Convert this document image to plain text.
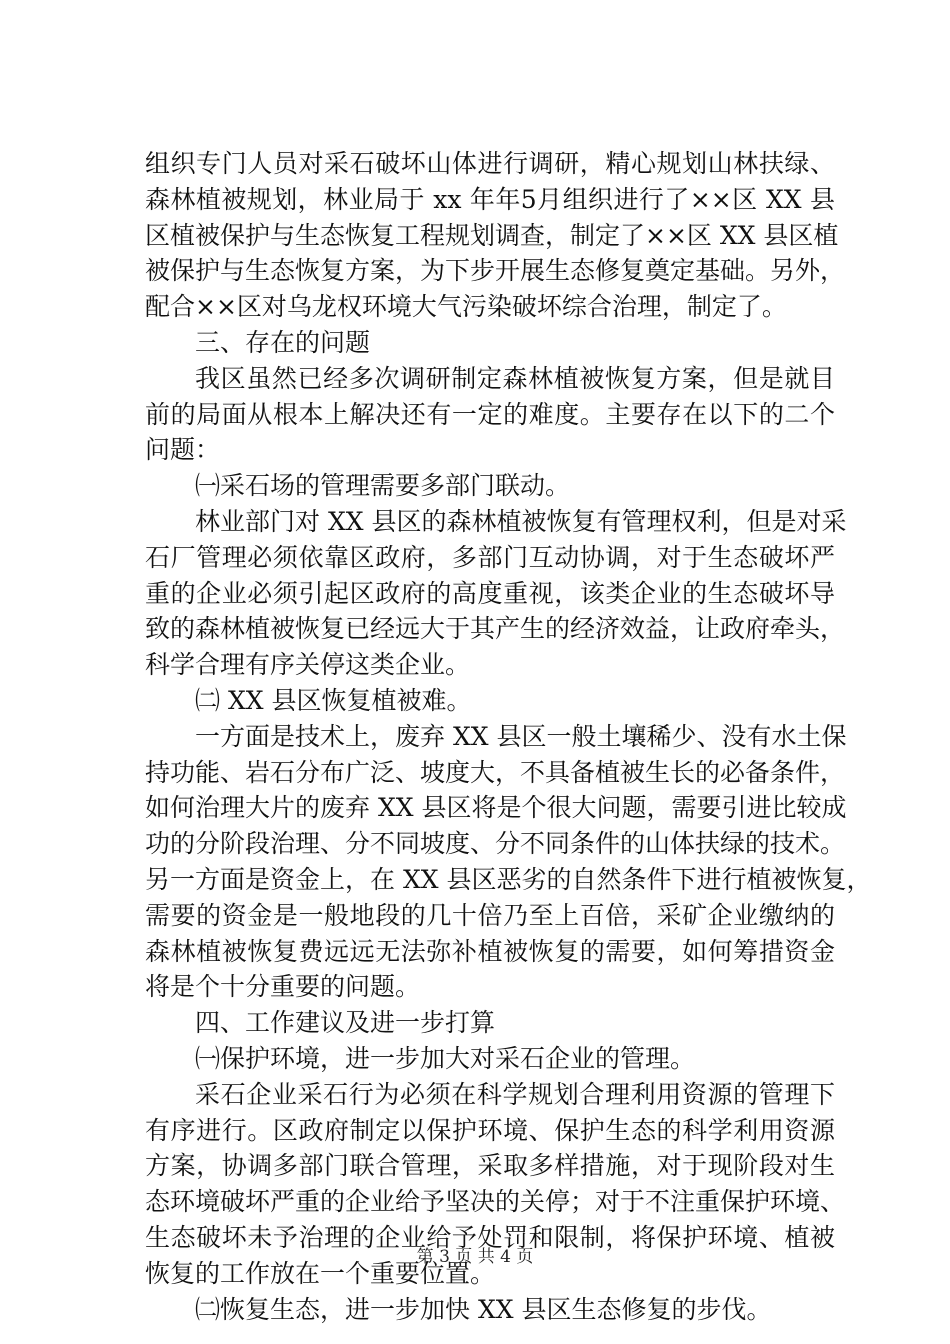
组织专门人员对采石破坏山体进行调研，精心规划山林扶绿、
森林植被规划，林业局于 xx 年年5月组织进行了××区 XX 县
区植被保护与生态恢复工程规划调查，制定了××区 XX 县区植
被保护与生态恢复方案，为下步开展生态修复奠定基础。另外，
配合××区对乌龙权环境大气污染破坏综合治理，制定了。
三、存在的问题
我区虽然已经多次调研制定森林植被恢复方案，但是就目
前的局面从根本上解决还有一定的难度。主要存在以下的二个
问题：
㈠采石场的管理需要多部门联动。
林业部门对 XX 县区的森林植被恢复有管理权利，但是对采
石厂管理必须依靠区政府，多部门互动协调，对于生态破坏严
重的企业必须引起区政府的高度重视，该类企业的生态破坏导
致的森林植被恢复已经远大于其产生的经济效益，让政府牵头，
科学合理有序关停这类企业。
㈡ XX 县区恢复植被难。
一方面是技术上，废弃 XX 县区一般土壤稀少、没有水土保
持功能、岩石分布广泛、坡度大，不具备植被生长的必备条件，
如何治理大片的废弃 XX 县区将是个很大问题，需要引进比较成
功的分阶段治理、分不同坡度、分不同条件的山体扶绿的技术。
另一方面是资金上，在 XX 县区恶劣的自然条件下进行植被恢复，
需要的资金是一般地段的几十倍乃至上百倍，采矿企业缴纳的
森林植被恢复费远远无法弥补植被恢复的需要，如何筹措资金
将是个十分重要的问题。
四、工作建议及进一步打算
㈠保护环境，进一步加大对采石企业的管理。
采石企业采石行为必须在科学规划合理利用资源的管理下
有序进行。区政府制定以保护环境、保护生态的科学利用资源
方案，协调多部门联合管理，采取多样措施，对于现阶段对生
态环境破坏严重的企业给予坚决的关停；对于不注重保护环境、
生态破坏未予治理的企业给予处罚和限制，将保护环境、植被
恢复的工作放在一个重要位置。
㈡恢复生态，进一步加快 XX 县区生态修复的步伐。
第 3 页 共 4 页
